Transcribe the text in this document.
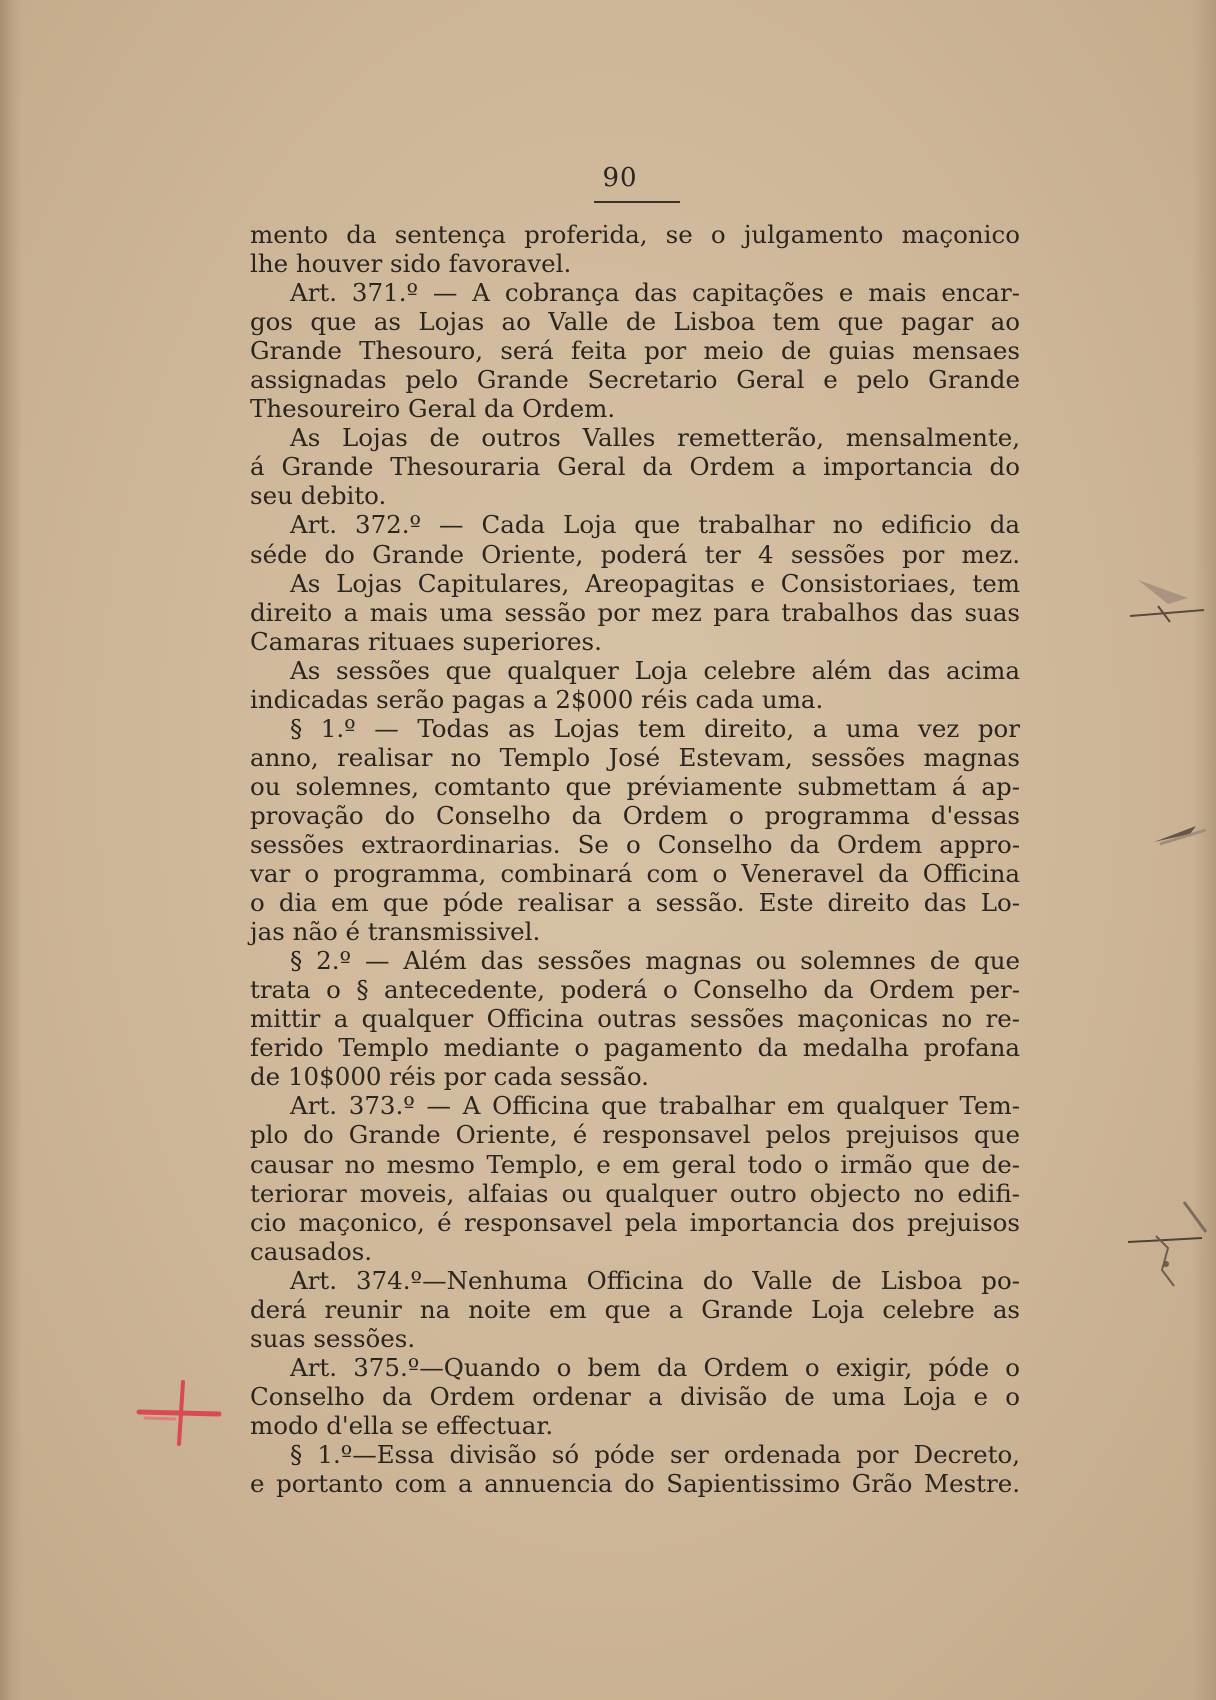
90
mento da sentença proferida, se o julgamento maçonico
lhe houver sido favoravel.
Art. 371.º — A cobrança das capitações e mais encar-
gos que as Lojas ao Valle de Lisboa tem que pagar ao
Grande Thesouro, será feita por meio de guias mensaes
assignadas pelo Grande Secretario Geral e pelo Grande
Thesoureiro Geral da Ordem.
As Lojas de outros Valles remetterão, mensalmente,
á Grande Thesouraria Geral da Ordem a importancia do
seu debito.
Art. 372.º — Cada Loja que trabalhar no edificio da
séde do Grande Oriente, poderá ter 4 sessões por mez.
As Lojas Capitulares, Areopagitas e Consistoriaes, tem
direito a mais uma sessão por mez para trabalhos das suas
Camaras rituaes superiores.
As sessões que qualquer Loja celebre além das acima
indicadas serão pagas a 2$000 réis cada uma.
§ 1.º — Todas as Lojas tem direito, a uma vez por
anno, realisar no Templo José Estevam, sessões magnas
ou solemnes, comtanto que préviamente submettam á ap-
provação do Conselho da Ordem o programma d'essas
sessões extraordinarias. Se o Conselho da Ordem appro-
var o programma, combinará com o Veneravel da Officina
o dia em que póde realisar a sessão. Este direito das Lo-
jas não é transmissivel.
§ 2.º — Além das sessões magnas ou solemnes de que
trata o § antecedente, poderá o Conselho da Ordem per-
mittir a qualquer Officina outras sessões maçonicas no re-
ferido Templo mediante o pagamento da medalha profana
de 10$000 réis por cada sessão.
Art. 373.º — A Officina que trabalhar em qualquer Tem-
plo do Grande Oriente, é responsavel pelos prejuisos que
causar no mesmo Templo, e em geral todo o irmão que de-
teriorar moveis, alfaias ou qualquer outro objecto no edifi-
cio maçonico, é responsavel pela importancia dos prejuisos
causados.
Art. 374.º—Nenhuma Officina do Valle de Lisboa po-
derá reunir na noite em que a Grande Loja celebre as
suas sessões.
Art. 375.º—Quando o bem da Ordem o exigir, póde o
Conselho da Ordem ordenar a divisão de uma Loja e o
modo d'ella se effectuar.
§ 1.º—Essa divisão só póde ser ordenada por Decreto,
e portanto com a annuencia do Sapientissimo Grão Mestre.
